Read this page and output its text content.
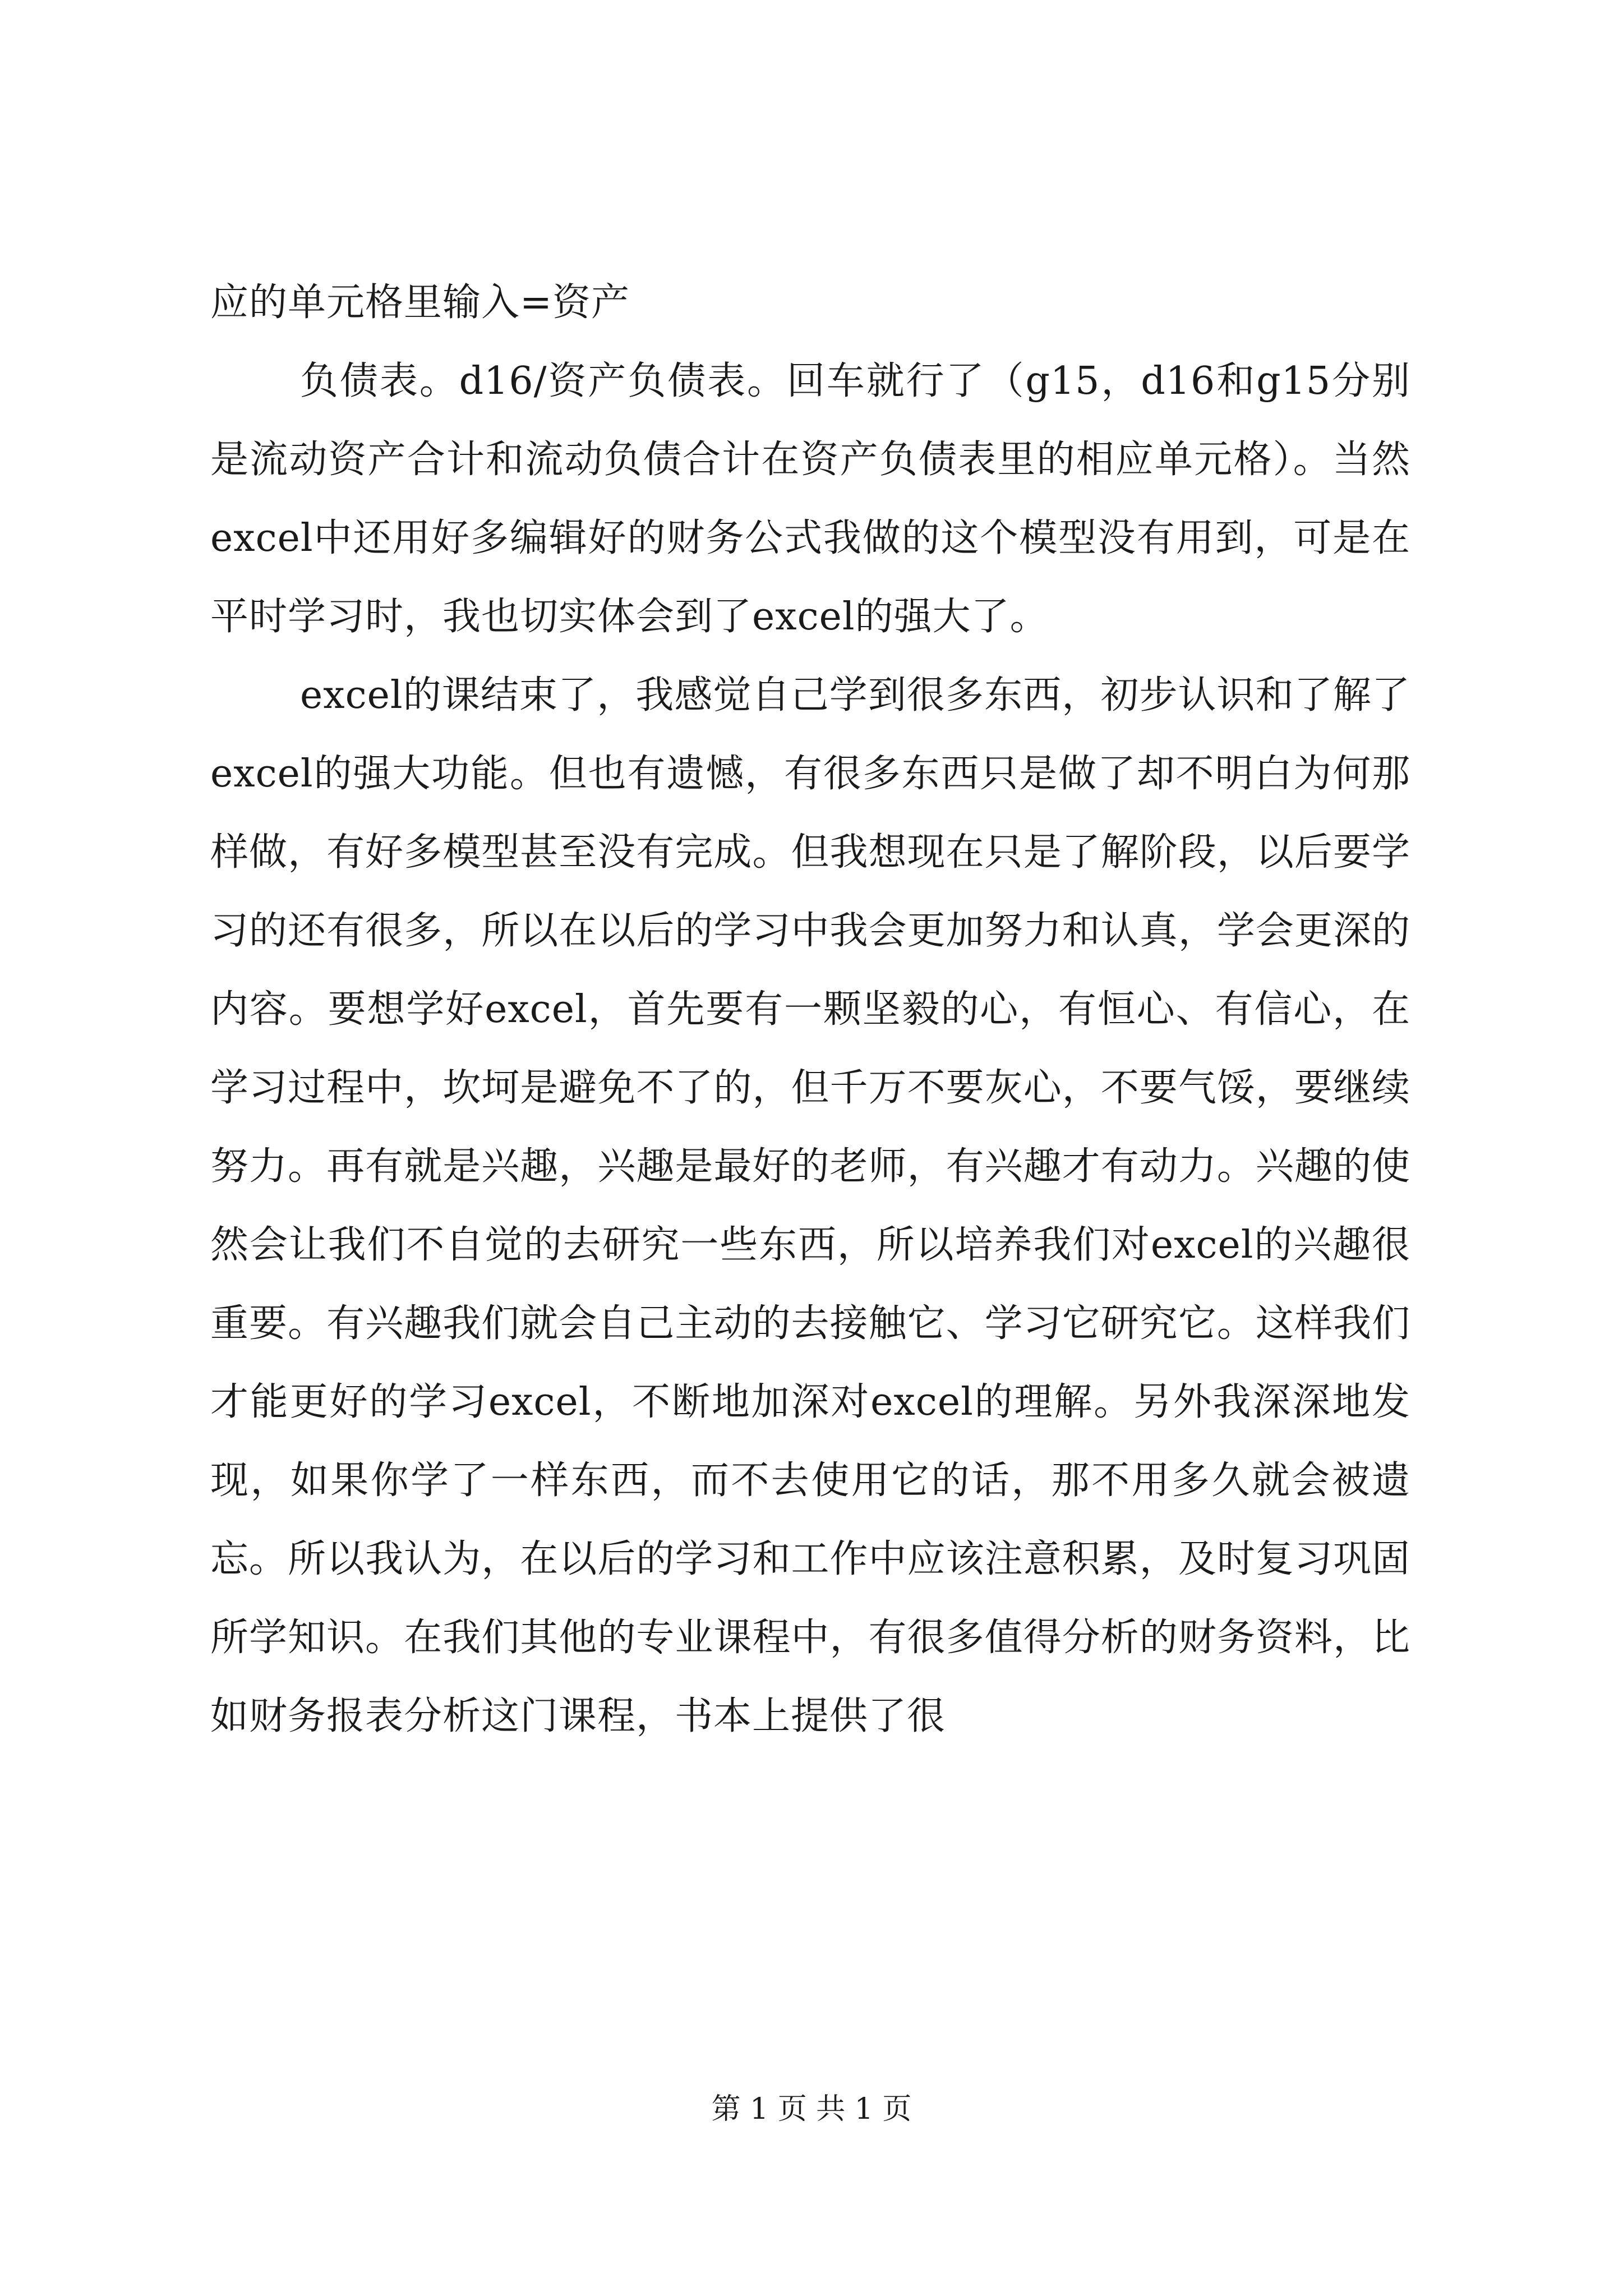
应的单元格里输入=资产

负债表。d16/资产负债表。回车就行了（g15，d16和g15分别是流动资产合计和流动负债合计在资产负债表里的相应单元格）。当然excel中还用好多编辑好的财务公式我做的这个模型没有用到，可是在平时学习时，我也切实体会到了excel的强大了。

excel的课结束了，我感觉自己学到很多东西，初步认识和了解了excel的强大功能。但也有遗憾，有很多东西只是做了却不明白为何那样做，有好多模型甚至没有完成。但我想现在只是了解阶段，以后要学习的还有很多，所以在以后的学习中我会更加努力和认真，学会更深的内容。要想学好excel，首先要有一颗坚毅的心，有恒心、有信心，在学习过程中，坎坷是避免不了的，但千万不要灰心，不要气馁，要继续努力。再有就是兴趣，兴趣是最好的老师，有兴趣才有动力。兴趣的使然会让我们不自觉的去研究一些东西，所以培养我们对excel的兴趣很重要。有兴趣我们就会自己主动的去接触它、学习它研究它。这样我们才能更好的学习excel，不断地加深对excel的理解。另外我深深地发现，如果你学了一样东西，而不去使用它的话，那不用多久就会被遗忘。所以我认为，在以后的学习和工作中应该注意积累，及时复习巩固所学知识。在我们其他的专业课程中，有很多值得分析的财务资料，比如财务报表分析这门课程，书本上提供了很

第 1 页 共 1 页
